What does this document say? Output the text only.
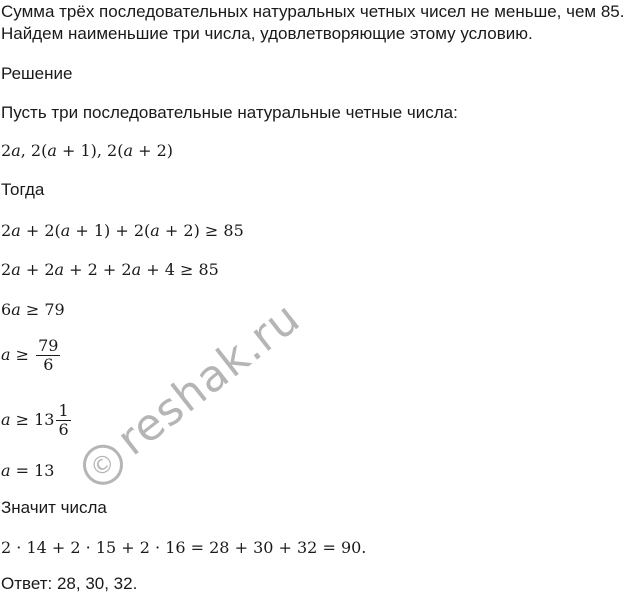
Сумма трёх последовательных натуральных четных чисел не меньше, чем 85.
Найдем наименьшие три числа, удовлетворяющие этому условию.
Решение
Пусть три последовательные натуральные четные числа:
2a, 2(a + 1), 2(a + 2)
Тогда
2a + 2(a + 1) + 2(a + 2) ≥ 85
2a + 2a + 2 + 2a + 4 ≥ 85
6a ≥ 79
$a \ge \frac{79}{6}$
$a \ge 13 \frac{1}{6}$
a = 13
Значит числа
2 · 14 + 2 · 15 + 2 · 16 = 28 + 30 + 32 = 90.
Ответ: 28, 30, 32.
©reshak.ru
